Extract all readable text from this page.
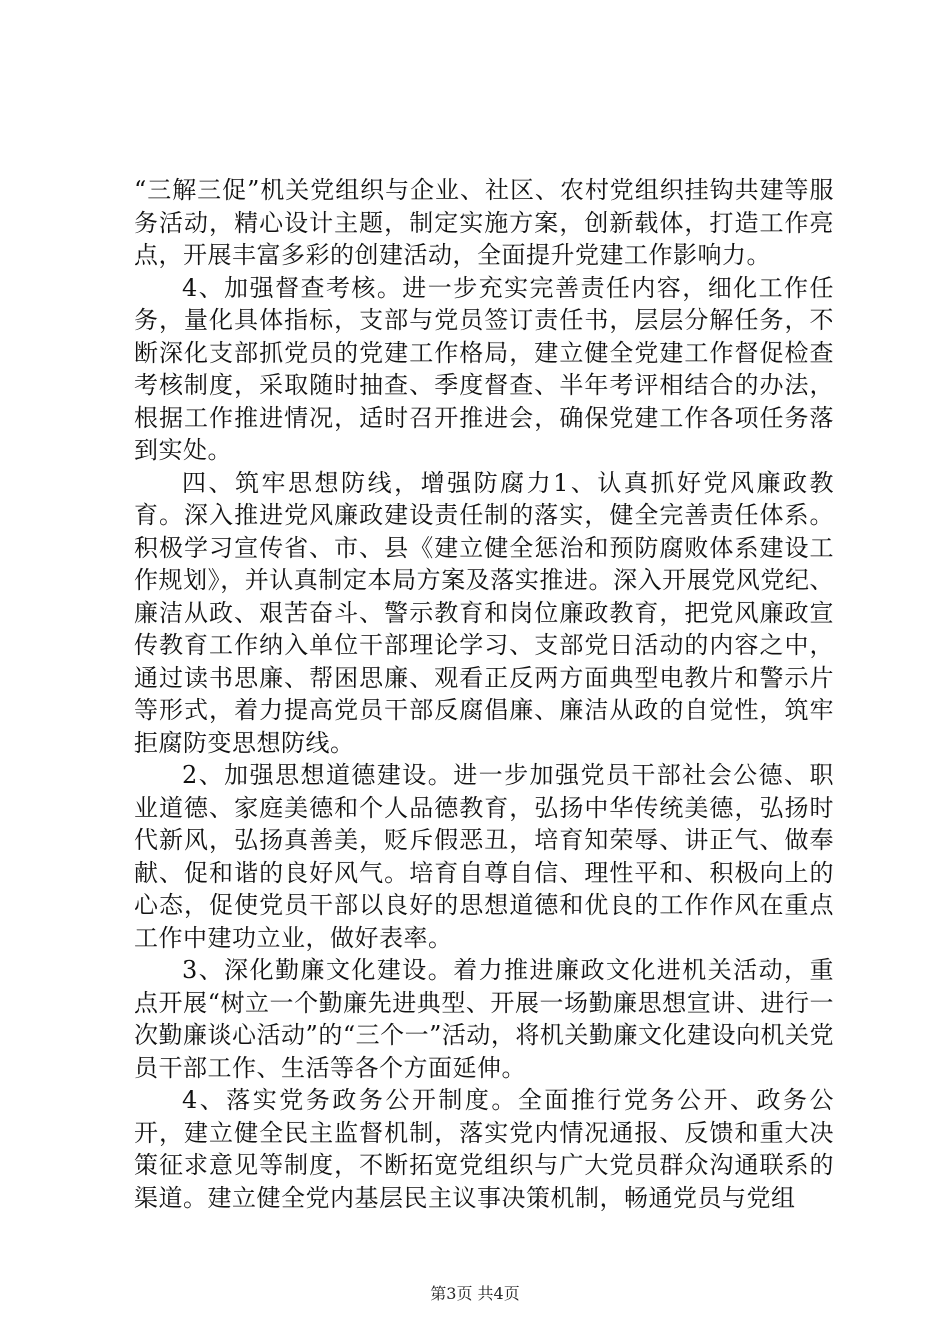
“三解三促”机关党组织与企业、社区、农村党组织挂钩共建等服务活动，精心设计主题，制定实施方案，创新载体，打造工作亮点，开展丰富多彩的创建活动，全面提升党建工作影响力。

4、加强督查考核。进一步充实完善责任内容，细化工作任务，量化具体指标，支部与党员签订责任书，层层分解任务，不断深化支部抓党员的党建工作格局，建立健全党建工作督促检查考核制度，采取随时抽查、季度督查、半年考评相结合的办法，根据工作推进情况，适时召开推进会，确保党建工作各项任务落到实处。

四、筑牢思想防线，增强防腐力1、认真抓好党风廉政教育。深入推进党风廉政建设责任制的落实，健全完善责任体系。积极学习宣传省、市、县《建立健全惩治和预防腐败体系建设工作规划》，并认真制定本局方案及落实推进。深入开展党风党纪、廉洁从政、艰苦奋斗、警示教育和岗位廉政教育，把党风廉政宣传教育工作纳入单位干部理论学习、支部党日活动的内容之中，通过读书思廉、帮困思廉、观看正反两方面典型电教片和警示片等形式，着力提高党员干部反腐倡廉、廉洁从政的自觉性，筑牢拒腐防变思想防线。

2、加强思想道德建设。进一步加强党员干部社会公德、职业道德、家庭美德和个人品德教育，弘扬中华传统美德，弘扬时代新风，弘扬真善美，贬斥假恶丑，培育知荣辱、讲正气、做奉献、促和谐的良好风气。培育自尊自信、理性平和、积极向上的心态，促使党员干部以良好的思想道德和优良的工作作风在重点工作中建功立业，做好表率。

3、深化勤廉文化建设。着力推进廉政文化进机关活动，重点开展“树立一个勤廉先进典型、开展一场勤廉思想宣讲、进行一次勤廉谈心活动”的“三个一”活动，将机关勤廉文化建设向机关党员干部工作、生活等各个方面延伸。

4、落实党务政务公开制度。全面推行党务公开、政务公开，建立健全民主监督机制，落实党内情况通报、反馈和重大决策征求意见等制度，不断拓宽党组织与广大党员群众沟通联系的渠道。建立健全党内基层民主议事决策机制，畅通党员与党组

第3页 共4页
